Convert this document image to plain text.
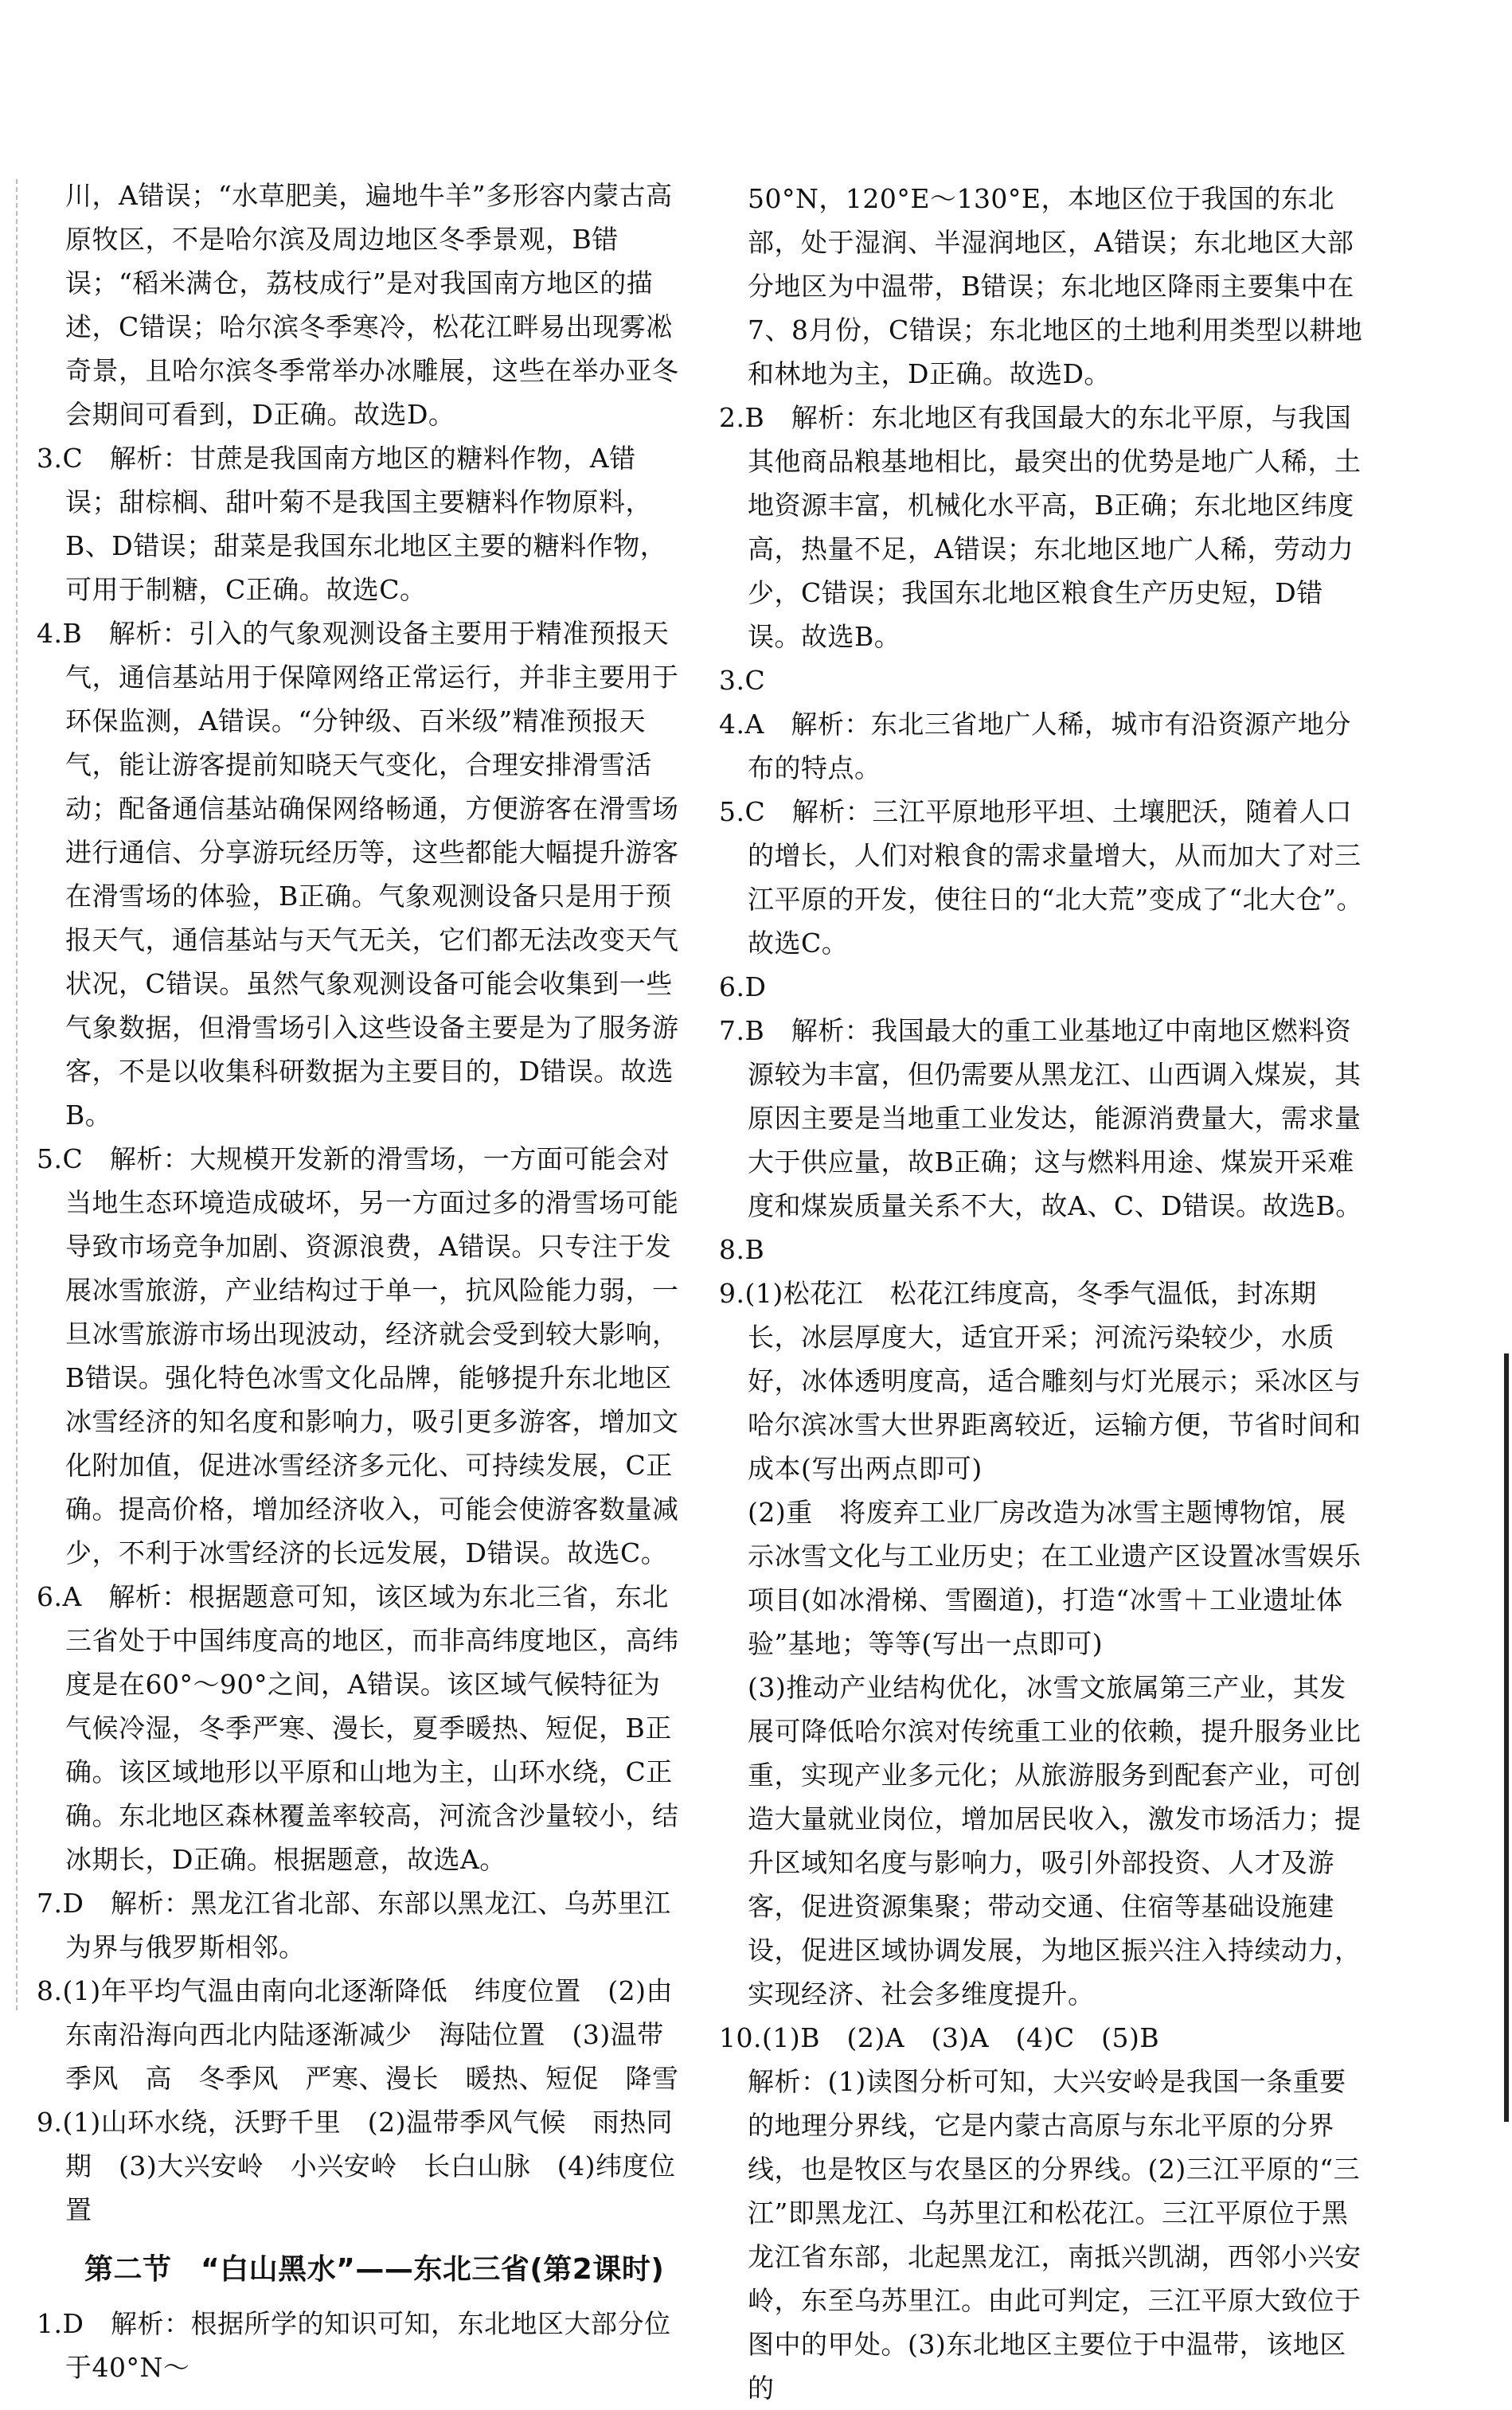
川，A错误；“水草肥美，遍地牛羊”多形容内蒙古高原牧区，不是哈尔滨及周边地区冬季景观，B错误；“稻米满仓，荔枝成行”是对我国南方地区的描述，C错误；哈尔滨冬季寒冷，松花江畔易出现雾凇奇景，且哈尔滨冬季常举办冰雕展，这些在举办亚冬会期间可看到，D正确。故选D。

3.C　解析：甘蔗是我国南方地区的糖料作物，A错误；甜棕榈、甜叶菊不是我国主要糖料作物原料，B、D错误；甜菜是我国东北地区主要的糖料作物，可用于制糖，C正确。故选C。

4.B　解析：引入的气象观测设备主要用于精准预报天气，通信基站用于保障网络正常运行，并非主要用于环保监测，A错误。“分钟级、百米级”精准预报天气，能让游客提前知晓天气变化，合理安排滑雪活动；配备通信基站确保网络畅通，方便游客在滑雪场进行通信、分享游玩经历等，这些都能大幅提升游客在滑雪场的体验，B正确。气象观测设备只是用于预报天气，通信基站与天气无关，它们都无法改变天气状况，C错误。虽然气象观测设备可能会收集到一些气象数据，但滑雪场引入这些设备主要是为了服务游客，不是以收集科研数据为主要目的，D错误。故选B。

5.C　解析：大规模开发新的滑雪场，一方面可能会对当地生态环境造成破坏，另一方面过多的滑雪场可能导致市场竞争加剧、资源浪费，A错误。只专注于发展冰雪旅游，产业结构过于单一，抗风险能力弱，一旦冰雪旅游市场出现波动，经济就会受到较大影响，B错误。强化特色冰雪文化品牌，能够提升东北地区冰雪经济的知名度和影响力，吸引更多游客，增加文化附加值，促进冰雪经济多元化、可持续发展，C正确。提高价格，增加经济收入，可能会使游客数量减少，不利于冰雪经济的长远发展，D错误。故选C。

6.A　解析：根据题意可知，该区域为东北三省，东北三省处于中国纬度高的地区，而非高纬度地区，高纬度是在60°～90°之间，A错误。该区域气候特征为气候冷湿，冬季严寒、漫长，夏季暖热、短促，B正确。该区域地形以平原和山地为主，山环水绕，C正确。东北地区森林覆盖率较高，河流含沙量较小，结冰期长，D正确。根据题意，故选A。

7.D　解析：黑龙江省北部、东部以黑龙江、乌苏里江为界与俄罗斯相邻。

8.(1)年平均气温由南向北逐渐降低　纬度位置　(2)由东南沿海向西北内陆逐渐减少　海陆位置　(3)温带季风　高　冬季风　严寒、漫长　暖热、短促　降雪

9.(1)山环水绕，沃野千里　(2)温带季风气候　雨热同期　(3)大兴安岭　小兴安岭　长白山脉　(4)纬度位置

第二节　“白山黑水”——东北三省(第2课时)

1.D　解析：根据所学的知识可知，东北地区大部分位于40°N～

50°N，120°E～130°E，本地区位于我国的东北部，处于湿润、半湿润地区，A错误；东北地区大部分地区为中温带，B错误；东北地区降雨主要集中在7、8月份，C错误；东北地区的土地利用类型以耕地和林地为主，D正确。故选D。

2.B　解析：东北地区有我国最大的东北平原，与我国其他商品粮基地相比，最突出的优势是地广人稀，土地资源丰富，机械化水平高，B正确；东北地区纬度高，热量不足，A错误；东北地区地广人稀，劳动力少，C错误；我国东北地区粮食生产历史短，D错误。故选B。

3.C

4.A　解析：东北三省地广人稀，城市有沿资源产地分布的特点。

5.C　解析：三江平原地形平坦、土壤肥沃，随着人口的增长，人们对粮食的需求量增大，从而加大了对三江平原的开发，使往日的“北大荒”变成了“北大仓”。故选C。

6.D

7.B　解析：我国最大的重工业基地辽中南地区燃料资源较为丰富，但仍需要从黑龙江、山西调入煤炭，其原因主要是当地重工业发达，能源消费量大，需求量大于供应量，故B正确；这与燃料用途、煤炭开采难度和煤炭质量关系不大，故A、C、D错误。故选B。

8.B

9.(1)松花江　松花江纬度高，冬季气温低，封冻期长，冰层厚度大，适宜开采；河流污染较少，水质好，冰体透明度高，适合雕刻与灯光展示；采冰区与哈尔滨冰雪大世界距离较近，运输方便，节省时间和成本(写出两点即可)

(2)重　将废弃工业厂房改造为冰雪主题博物馆，展示冰雪文化与工业历史；在工业遗产区设置冰雪娱乐项目(如冰滑梯、雪圈道)，打造“冰雪＋工业遗址体验”基地；等等(写出一点即可)

(3)推动产业结构优化，冰雪文旅属第三产业，其发展可降低哈尔滨对传统重工业的依赖，提升服务业比重，实现产业多元化；从旅游服务到配套产业，可创造大量就业岗位，增加居民收入，激发市场活力；提升区域知名度与影响力，吸引外部投资、人才及游客，促进资源集聚；带动交通、住宿等基础设施建设，促进区域协调发展，为地区振兴注入持续动力，实现经济、社会多维度提升。

10.(1)B　(2)A　(3)A　(4)C　(5)B

解析：(1)读图分析可知，大兴安岭是我国一条重要的地理分界线，它是内蒙古高原与东北平原的分界线，也是牧区与农垦区的分界线。(2)三江平原的“三江”即黑龙江、乌苏里江和松花江。三江平原位于黑龙江省东部，北起黑龙江，南抵兴凯湖，西邻小兴安岭，东至乌苏里江。由此可判定，三江平原大致位于图中的甲处。(3)东北地区主要位于中温带，该地区的
